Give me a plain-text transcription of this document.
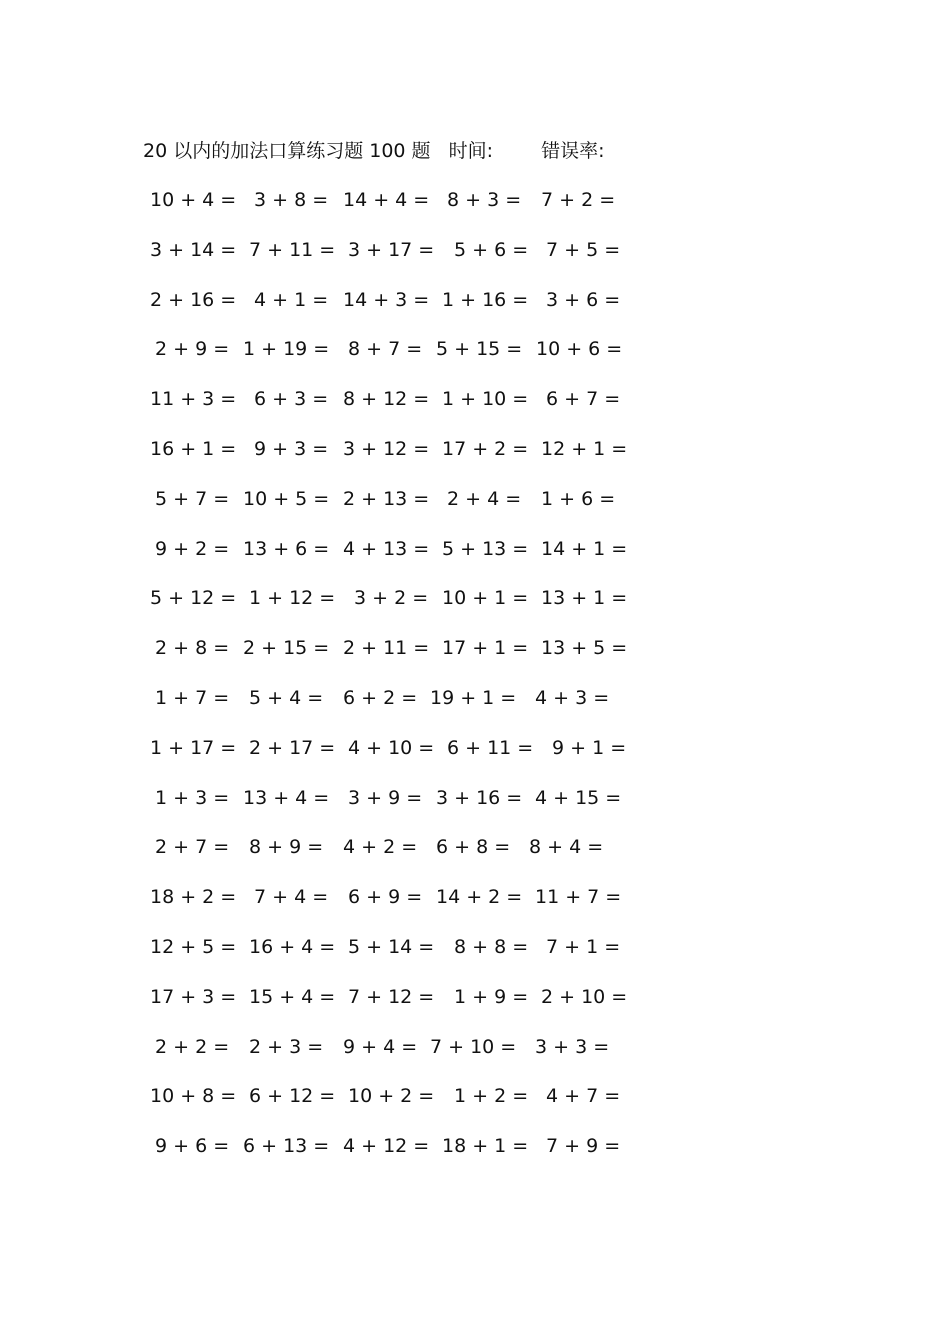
20 以内的加法口算练习题 100 题 时间:	错误率:
10 + 4 = 3 + 8 = 14 + 4 = 8 + 3 = 7 + 2 =
3 + 14 = 7 + 11 = 3 + 17 = 5 + 6 = 7 + 5 =
2 + 16 = 4 + 1 = 14 + 3 = 1 + 16 = 3 + 6 =
2 + 9 = 1 + 19 = 8 + 7 = 5 + 15 = 10 + 6 =
11 + 3 = 6 + 3 = 8 + 12 = 1 + 10 = 6 + 7 =
16 + 1 = 9 + 3 = 3 + 12 = 17 + 2 = 12 + 1 =
5 + 7 = 10 + 5 = 2 + 13 = 2 + 4 = 1 + 6 =
9 + 2 = 13 + 6 = 4 + 13 = 5 + 13 = 14 + 1 =
5 + 12 = 1 + 12 = 3 + 2 = 10 + 1 = 13 + 1 =
2 + 8 = 2 + 15 = 2 + 11 = 17 + 1 = 13 + 5 =
1 + 7 = 5 + 4 = 6 + 2 = 19 + 1 = 4 + 3 =
1 + 17 = 2 + 17 = 4 + 10 = 6 + 11 = 9 + 1 =
1 + 3 = 13 + 4 = 3 + 9 = 3 + 16 = 4 + 15 =
2 + 7 = 8 + 9 = 4 + 2 = 6 + 8 = 8 + 4 =
18 + 2 = 7 + 4 = 6 + 9 = 14 + 2 = 11 + 7 =
12 + 5 = 16 + 4 = 5 + 14 = 8 + 8 = 7 + 1 =
17 + 3 = 15 + 4 = 7 + 12 = 1 + 9 = 2 + 10 =
2 + 2 = 2 + 3 = 9 + 4 = 7 + 10 = 3 + 3 =
10 + 8 = 6 + 12 = 10 + 2 = 1 + 2 = 4 + 7 =
9 + 6 = 6 + 13 = 4 + 12 = 18 + 1 = 7 + 9 =
